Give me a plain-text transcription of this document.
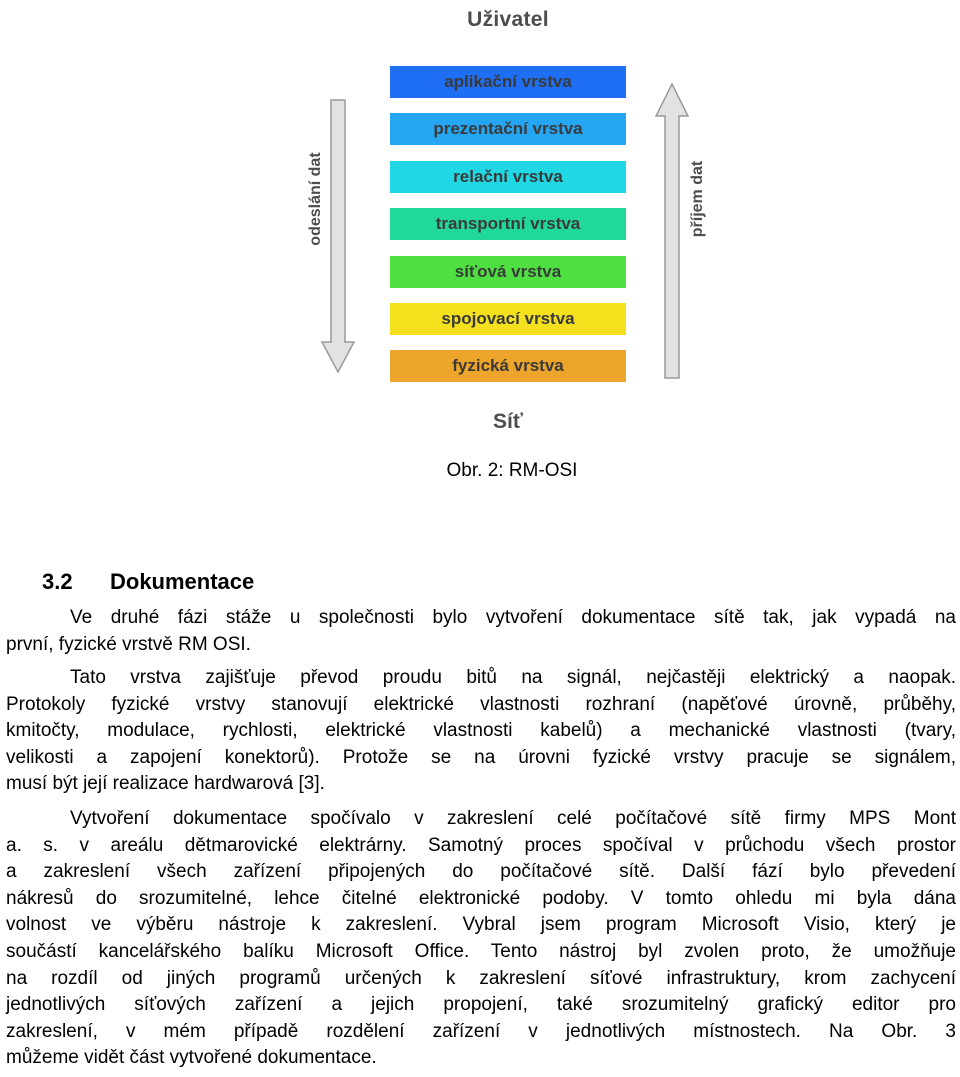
Uživatel
odeslání dat	příjem dat
aplikační vrstva
prezentační vrstva
relační vrstva
transportní vrstva
síťová vrstva
spojovací vrstva
fyzická vrstva
Síť
Obr. 2: RM-OSI
3.2 Dokumentace
Ve druhé fázi stáže u společnosti bylo vytvoření dokumentace sítě tak, jak vypadá na
první, fyzické vrstvě RM OSI.
Tato vrstva zajišťuje převod proudu bitů na signál, nejčastěji elektrický a naopak.
Protokoly fyzické vrstvy stanovují elektrické vlastnosti rozhraní (napěťové úrovně, průběhy,
kmitočty, modulace, rychlosti, elektrické vlastnosti kabelů) a mechanické vlastnosti (tvary,
velikosti a zapojení konektorů). Protože se na úrovni fyzické vrstvy pracuje se signálem,
musí být její realizace hardwarová [3].
Vytvoření dokumentace spočívalo v zakreslení celé počítačové sítě firmy MPS Mont
a. s. v areálu dětmarovické elektrárny. Samotný proces spočíval v průchodu všech prostor
a zakreslení všech zařízení připojených do počítačové sítě. Další fází bylo převedení
nákresů do srozumitelné, lehce čitelné elektronické podoby. V tomto ohledu mi byla dána
volnost ve výběru nástroje k zakreslení. Vybral jsem program Microsoft Visio, který je
součástí kancelářského balíku Microsoft Office. Tento nástroj byl zvolen proto, že umožňuje
na rozdíl od jiných programů určených k zakreslení síťové infrastruktury, krom zachycení
jednotlivých síťových zařízení a jejich propojení, také srozumitelný grafický editor pro
zakreslení, v mém případě rozdělení zařízení v jednotlivých místnostech. Na Obr. 3
můžeme vidět část vytvořené dokumentace.
